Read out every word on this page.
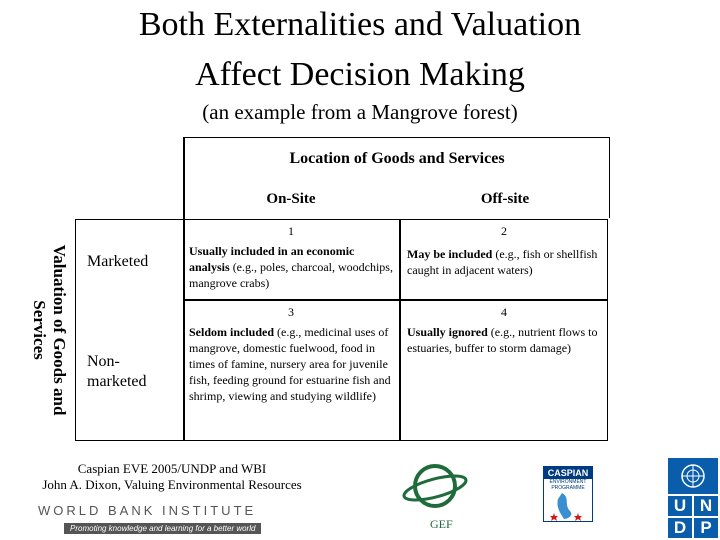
Both Externalities and Valuation
Affect Decision Making
(an example from a Mangrove forest)
Location of Goods and Services
On-Site	Off-site
Valuation of Goods and Services
Marketed
Non-marketed
1
Usually included in an economic analysis (e.g., poles, charcoal, woodchips, mangrove crabs)
2
May be included (e.g., fish or shellfish caught in adjacent waters)
3
Seldom included (e.g., medicinal uses of mangrove, domestic fuelwood, food in times of famine, nursery area for juvenile fish, feeding ground for estuarine fish and shrimp, viewing and studying wildlife)
4
Usually ignored (e.g., nutrient flows to estuaries, buffer to storm damage)
Caspian EVE 2005/UNDP and WBI
John A. Dixon, Valuing Environmental Resources
WORLD BANK INSTITUTE
Promoting knowledge and learning for a better world	GEF
CASPIAN
ENVIRONMENT PROGRAMME
U N
D P
